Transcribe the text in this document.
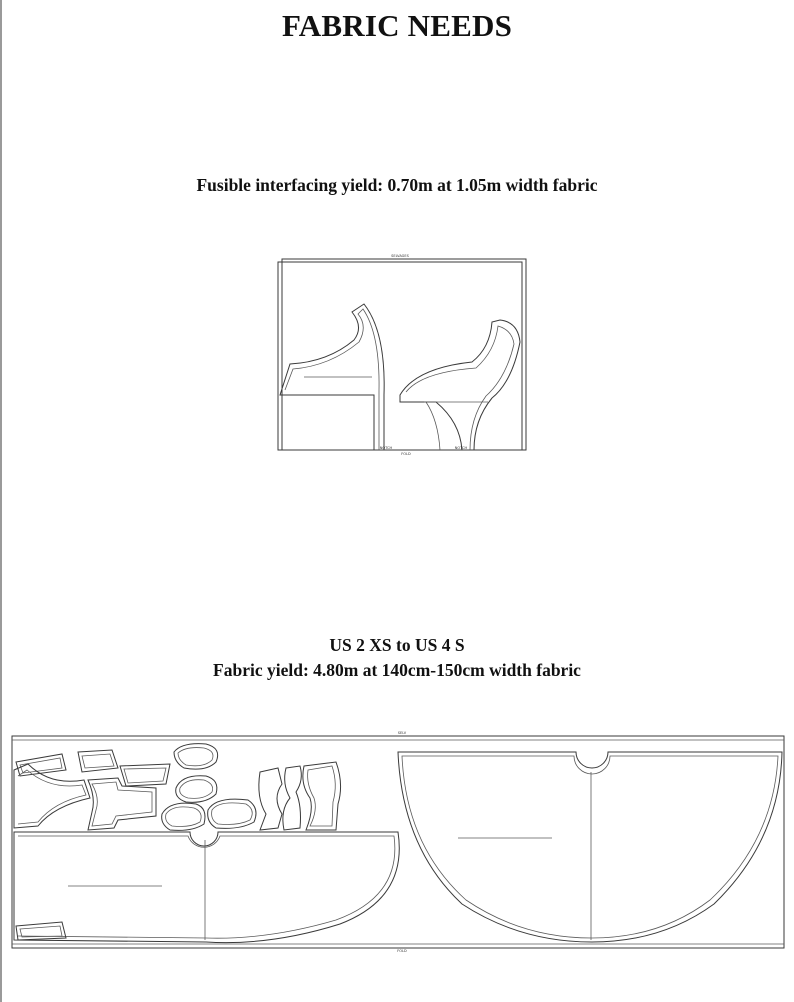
FABRIC NEEDS
Fusible interfacing yield: 0.70m at 1.05m width fabric
SELVAGES
FOLD
NOTCH	NOTCH
US 2 XS to US 4 S
Fabric yield: 4.80m at 140cm-150cm width fabric
SELV
FOLD
